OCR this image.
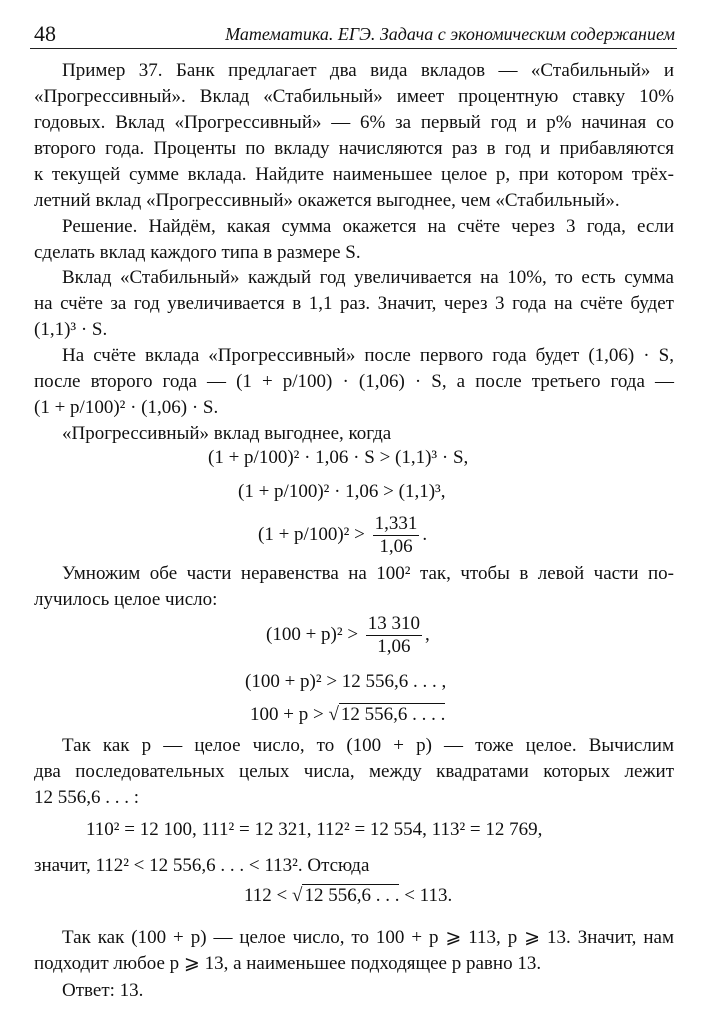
48	Математика. ЕГЭ. Задача с экономическим содержанием
Пример 37. Банк предлагает два вида вкладов — «Стабильный» и
«Прогрессивный». Вклад «Стабильный» имеет процентную ставку 10%
годовых. Вклад «Прогрессивный» — 6% за первый год и p% начиная со
второго года. Проценты по вкладу начисляются раз в год и прибавляются
к текущей сумме вклада. Найдите наименьшее целое p, при котором трёх-
летний вклад «Прогрессивный» окажется выгоднее, чем «Стабильный».
Решение. Найдём, какая сумма окажется на счёте через 3 года, если
сделать вклад каждого типа в размере S.
Вклад «Стабильный» каждый год увеличивается на 10%, то есть сумма
на счёте за год увеличивается в 1,1 раз. Значит, через 3 года на счёте будет
(1,1)³ · S.
На счёте вклада «Прогрессивный» после первого года будет (1,06) · S,
после второго года — (1 + p/100) · (1,06) · S, а после третьего года —
(1 + p/100)² · (1,06) · S.
«Прогрессивный» вклад выгоднее, когда
(1 + p/100)² · 1,06 · S > (1,1)³ · S,
(1 + p/100)² · 1,06 > (1,1)³,
$(1 + p/100)^2 > \frac{1,331}{1,06}$ .
Умножим обе части неравенства на 100² так, чтобы в левой части по-
лучилось целое число:
$(100 + p)^2 > \frac{13 310}{1,06}$ ,
(100 + p)² > 12 556,6 . . . ,
100 + p > √ 12 556,6 . . . .
Так как p — целое число, то (100 + p) — тоже целое. Вычислим
два последовательных целых числа, между квадратами которых лежит
12 556,6 . . . :
110² = 12 100, 111² = 12 321, 112² = 12 554, 113² = 12 769,
значит, 112² < 12 556,6 . . . < 113². Отсюда
112 < √ 12 556,6 . . . < 113.
Так как (100 + p) — целое число, то 100 + p ⩾ 113, p ⩾ 13. Значит, нам
подходит любое p ⩾ 13, а наименьшее подходящее p равно 13.
Ответ: 13.
